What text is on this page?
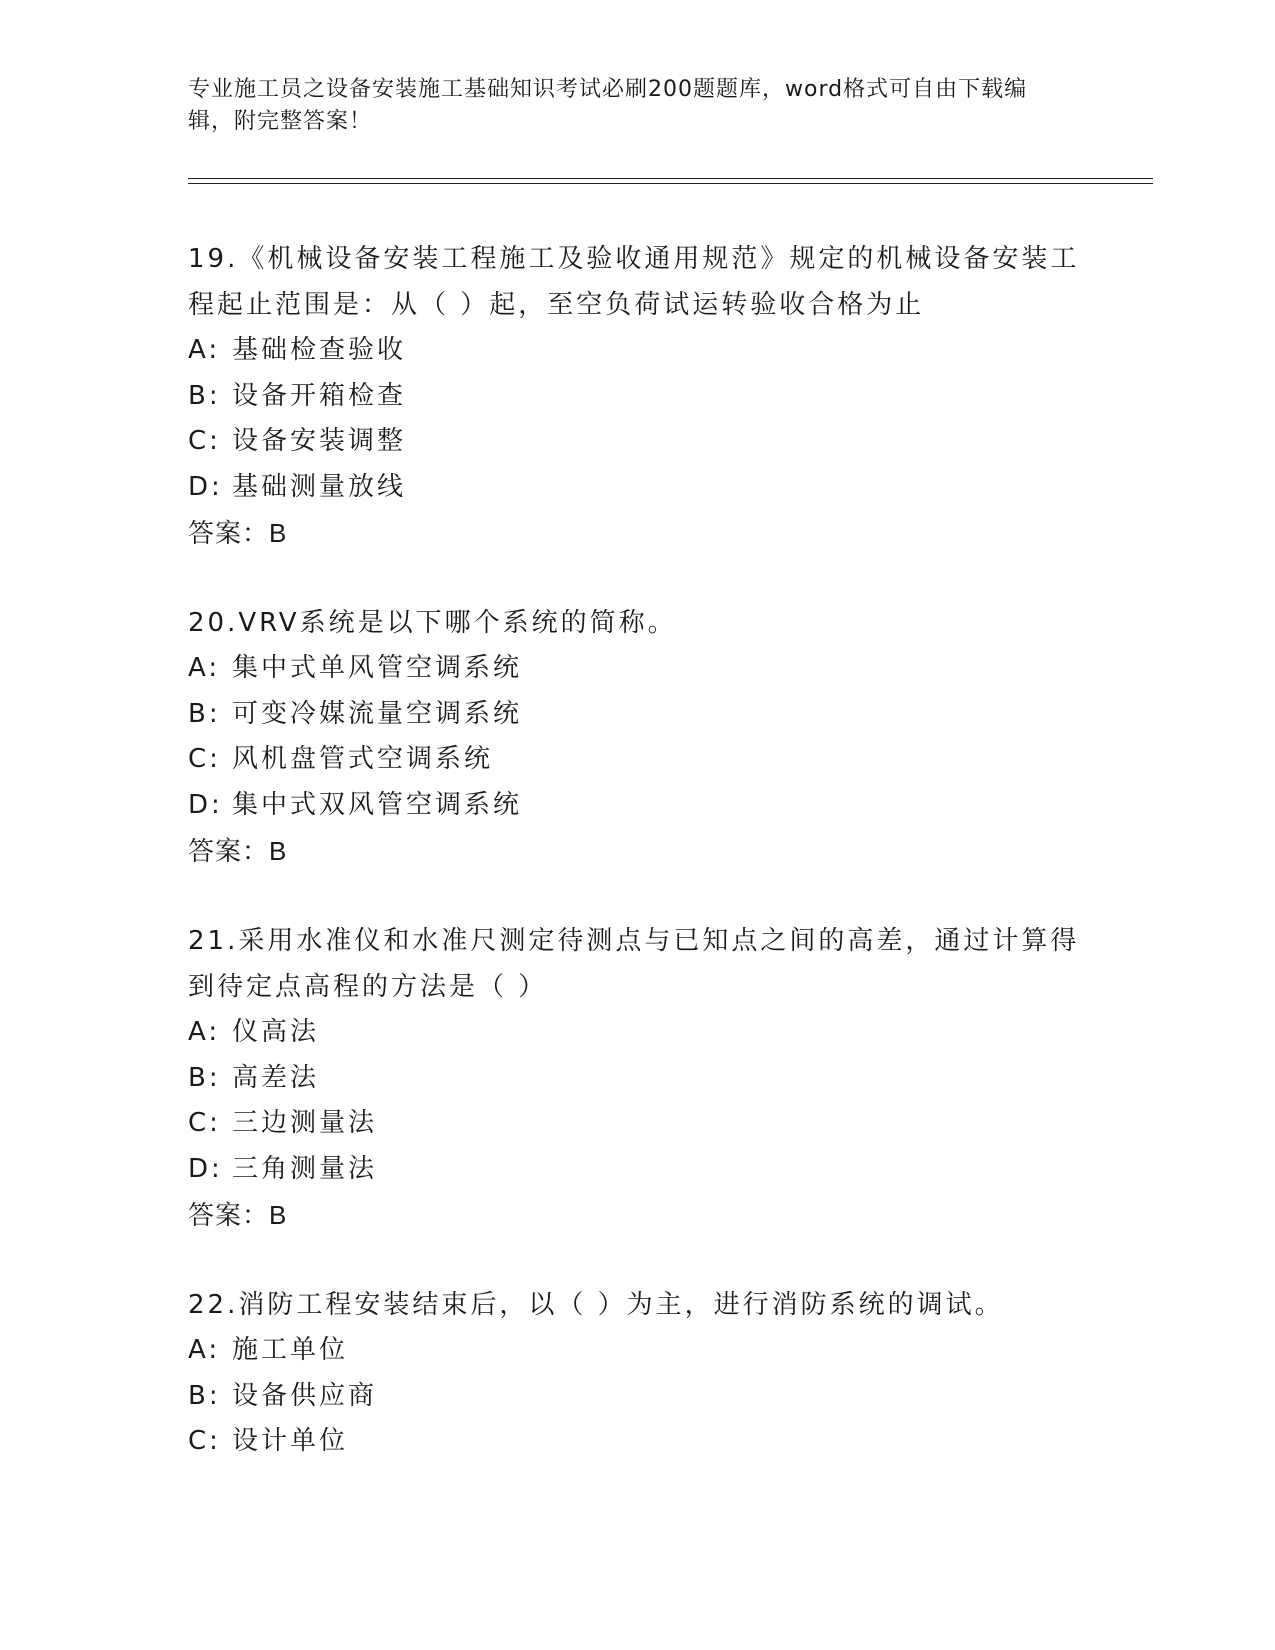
专业施工员之设备安装施工基础知识考试必刷200题题库，word格式可自由下载编辑，附完整答案！

19.《机械设备安装工程施工及验收通用规范》规定的机械设备安装工程起止范围是：从（ ）起，至空负荷试运转验收合格为止

A: 基础检查验收

B: 设备开箱检查

C: 设备安装调整

D: 基础测量放线

答案：B

20.VRV系统是以下哪个系统的简称。

A: 集中式单风管空调系统

B: 可变冷媒流量空调系统

C: 风机盘管式空调系统

D: 集中式双风管空调系统

答案：B

21.采用水准仪和水准尺测定待测点与已知点之间的高差，通过计算得到待定点高程的方法是（ ）

A: 仪高法

B: 高差法

C: 三边测量法

D: 三角测量法

答案：B

22.消防工程安装结束后，以（ ）为主，进行消防系统的调试。

A: 施工单位

B: 设备供应商

C: 设计单位
